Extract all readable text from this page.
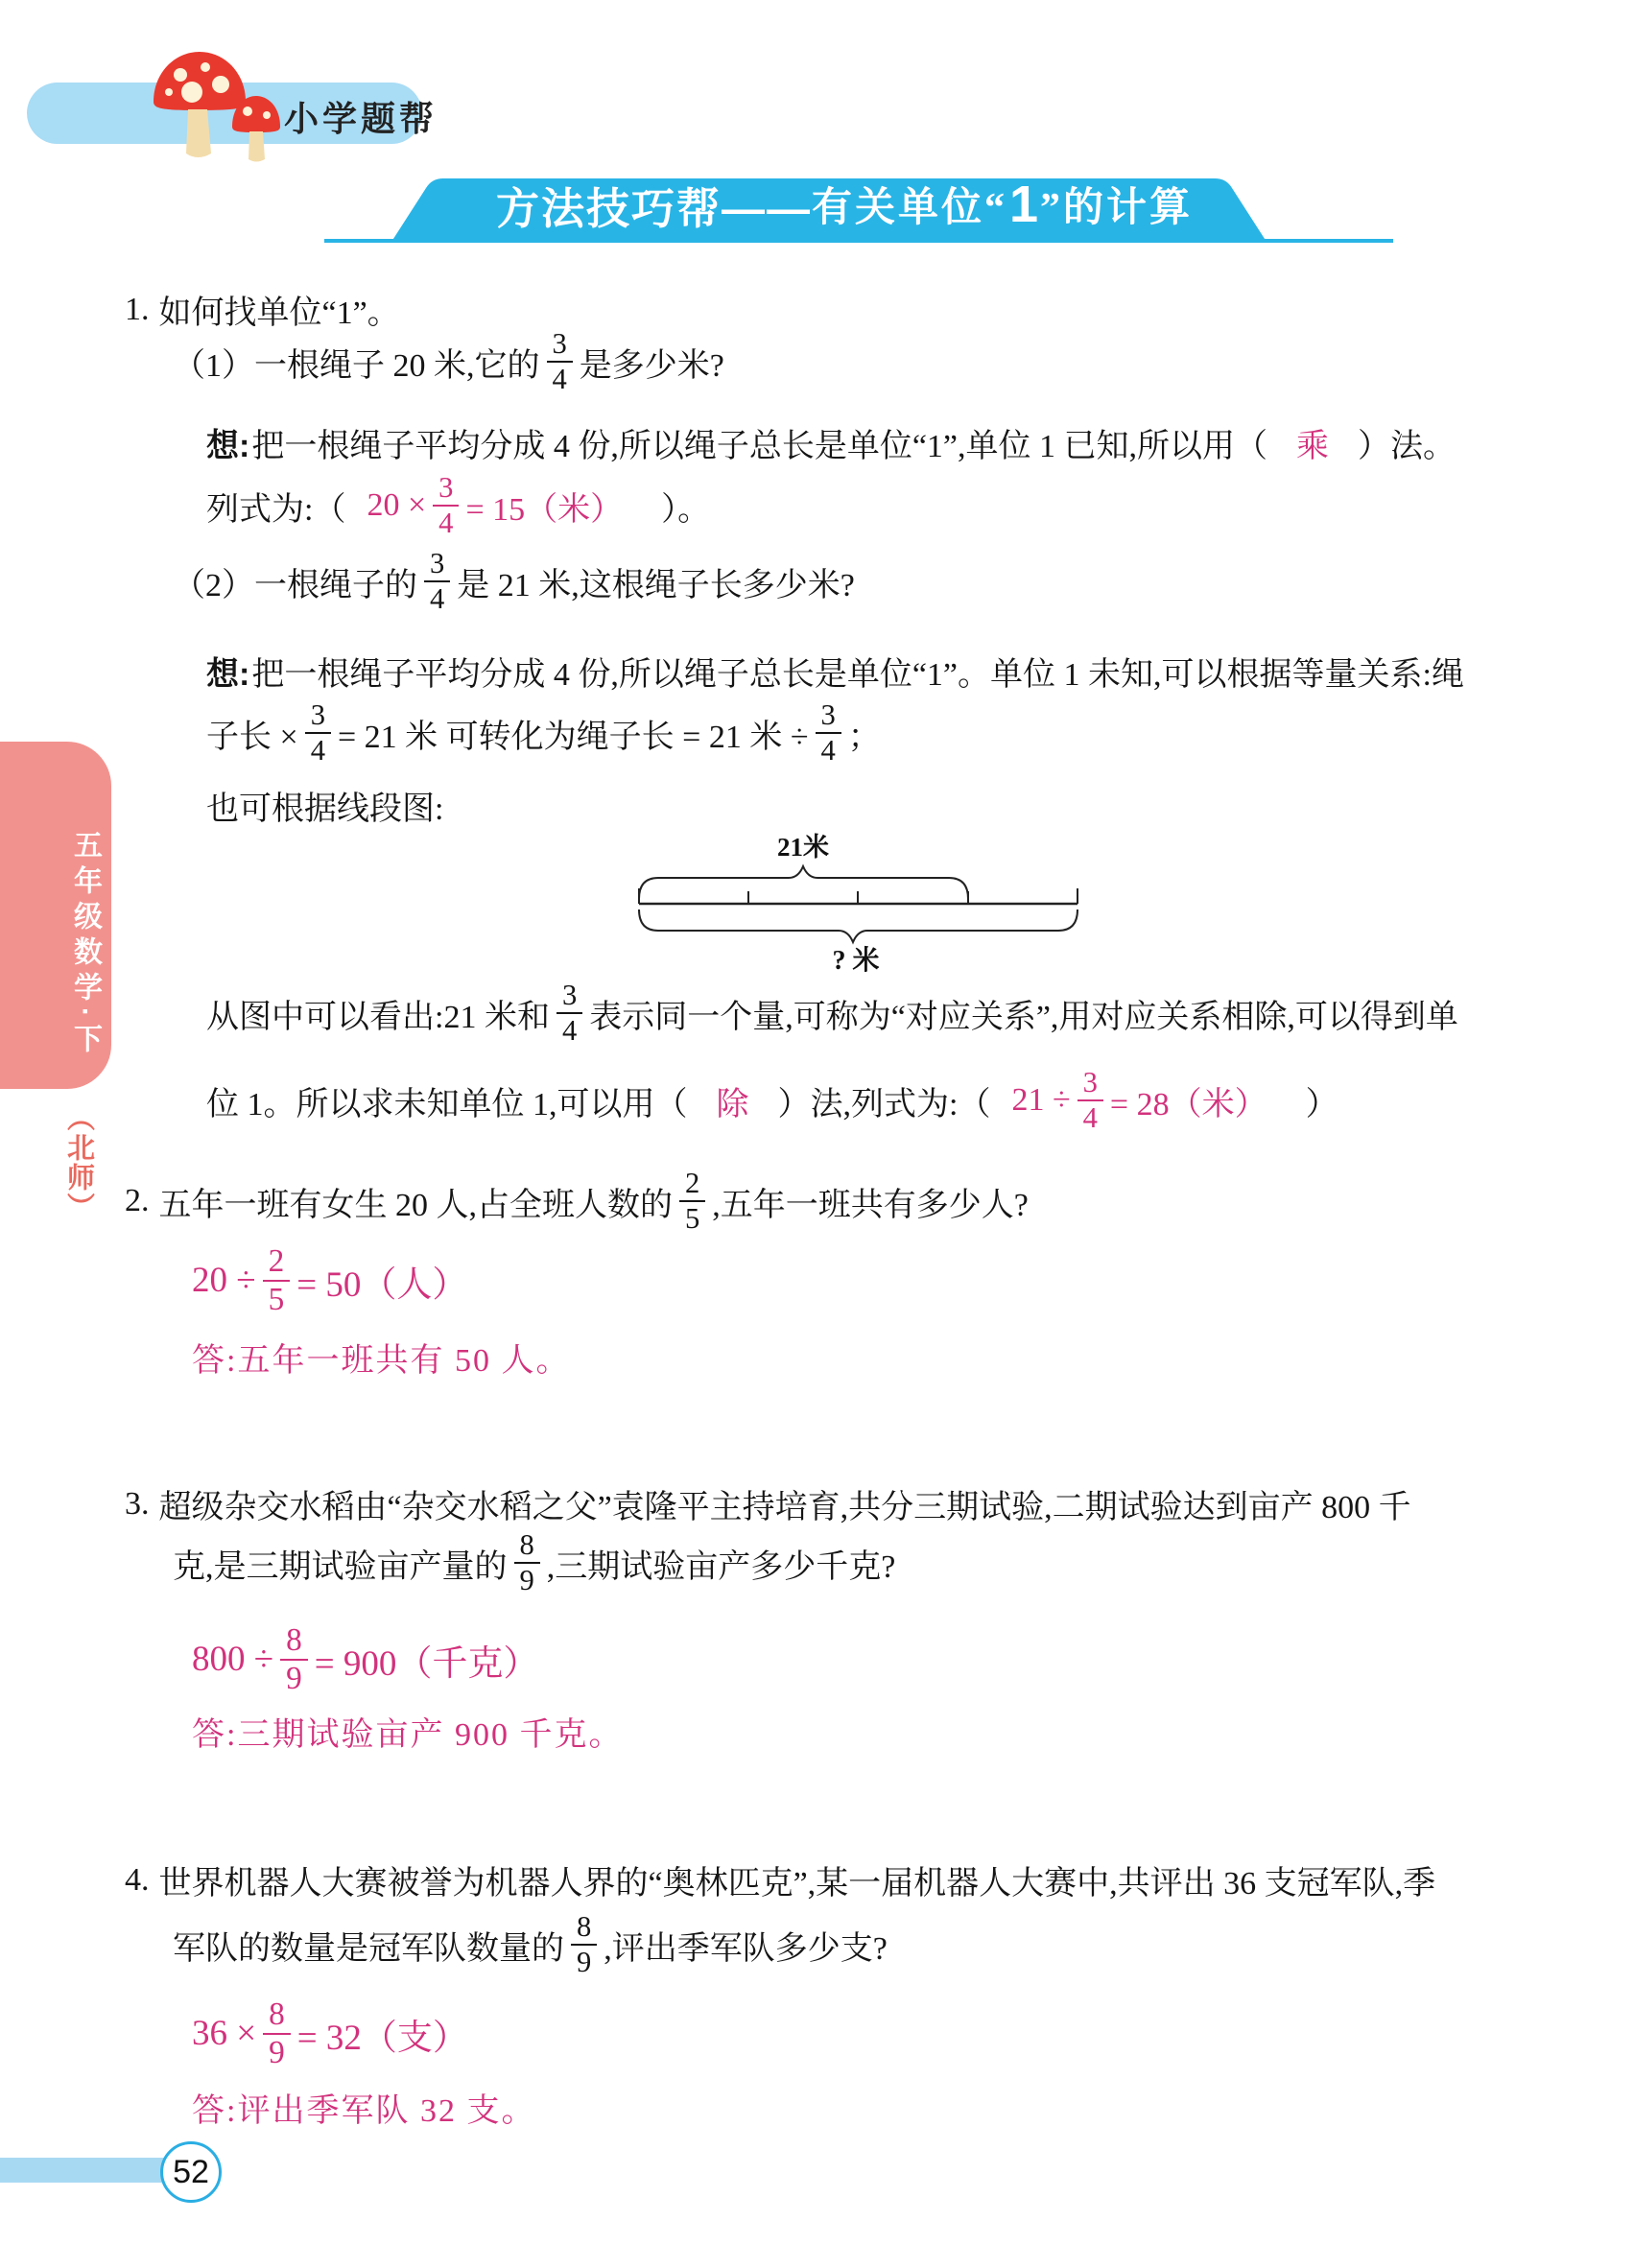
小学题帮
方法技巧帮—— 有关单位“ 1 ”的计算
五年级数学·下
（北师）
1. 如何找单位“1”。
（1）一根绳子 20 米,它的 $\frac{3}{4}$ 是多少米?
想: 把一根绳子平均分成 4 份,所以绳子总长是单位“1”,单位 1 已知,所以用（ 乘 ）法。
列式为:（ $20 \times \frac{3}{4} = 15$（米） ）。
（2）一根绳子的 $\frac{3}{4}$ 是 21 米,这根绳子长多少米?
想: 把一根绳子平均分成 4 份,所以绳子总长是单位“1”。单位 1 未知,可以根据等量关系:绳
子长 × $\frac{3}{4} = 21$ 米 可转化为绳子长 = 21 米 ÷ $\frac{3}{4}$ ；
也可根据线段图:
21米
? 米
从图中可以看出:21 米和 $\frac{3}{4}$ 表示同一个量,可称为“对应关系”,用对应关系相除,可以得到单
位 1。所以求未知单位 1,可以用（ 除 ）法,列式为:（ $21 \div \frac{3}{4} = 28$（米） ）
2. 五年一班有女生 20 人,占全班人数的 $\frac{2}{5}$ ,五年一班共有多少人?
$20 \div \frac{2}{5} = 50$（人）
答:五年一班共有 50 人。
3. 超级杂交水稻由“杂交水稻之父”袁隆平主持培育,共分三期试验,二期试验达到亩产 800 千
克,是三期试验亩产量的 $\frac{8}{9}$ ,三期试验亩产多少千克?
$800 \div \frac{8}{9} = 900$（千克）
答:三期试验亩产 900 千克。
4. 世界机器人大赛被誉为机器人界的“奥林匹克”,某一届机器人大赛中,共评出 36 支冠军队,季
军队的数量是冠军队数量的 $\frac{8}{9}$ ,评出季军队多少支?
$36 \times \frac{8}{9} = 32$（支）
答:评出季军队 32 支。
52
